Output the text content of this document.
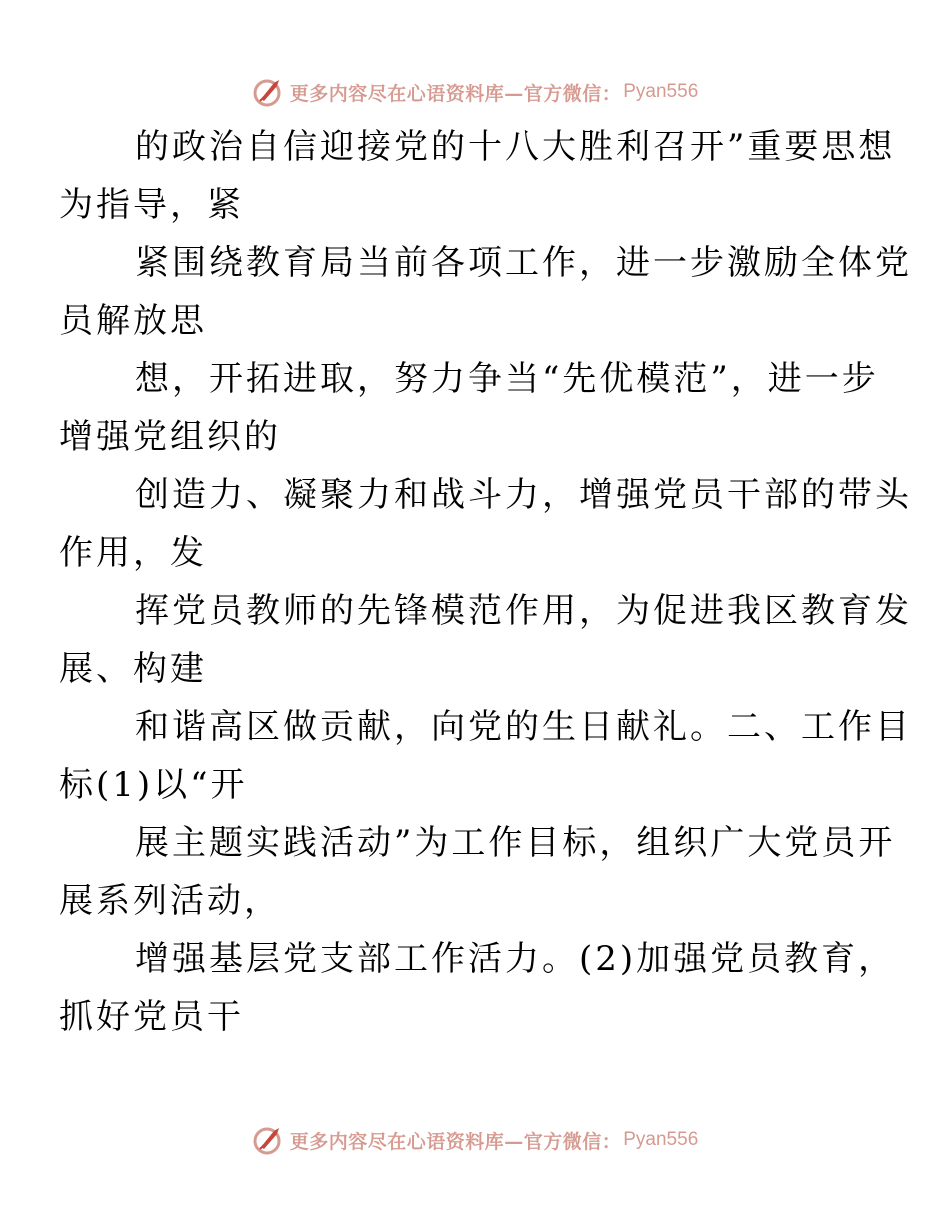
更多内容尽在心语资料库—官方微信： Pyan556

的政治自信迎接党的十八大胜利召开”重要思想
为指导，紧

紧围绕教育局当前各项工作，进一步激励全体党
员解放思

想，开拓进取，努力争当“先优模范”，进一步
增强党组织的

创造力、凝聚力和战斗力，增强党员干部的带头
作用，发

挥党员教师的先锋模范作用，为促进我区教育发
展、构建

和谐高区做贡献，向党的生日献礼。二、工作目
标(1)以“开

展主题实践活动”为工作目标，组织广大党员开
展系列活动，

增强基层党支部工作活力。(2)加强党员教育，
抓好党员干

更多内容尽在心语资料库—官方微信： Pyan556
